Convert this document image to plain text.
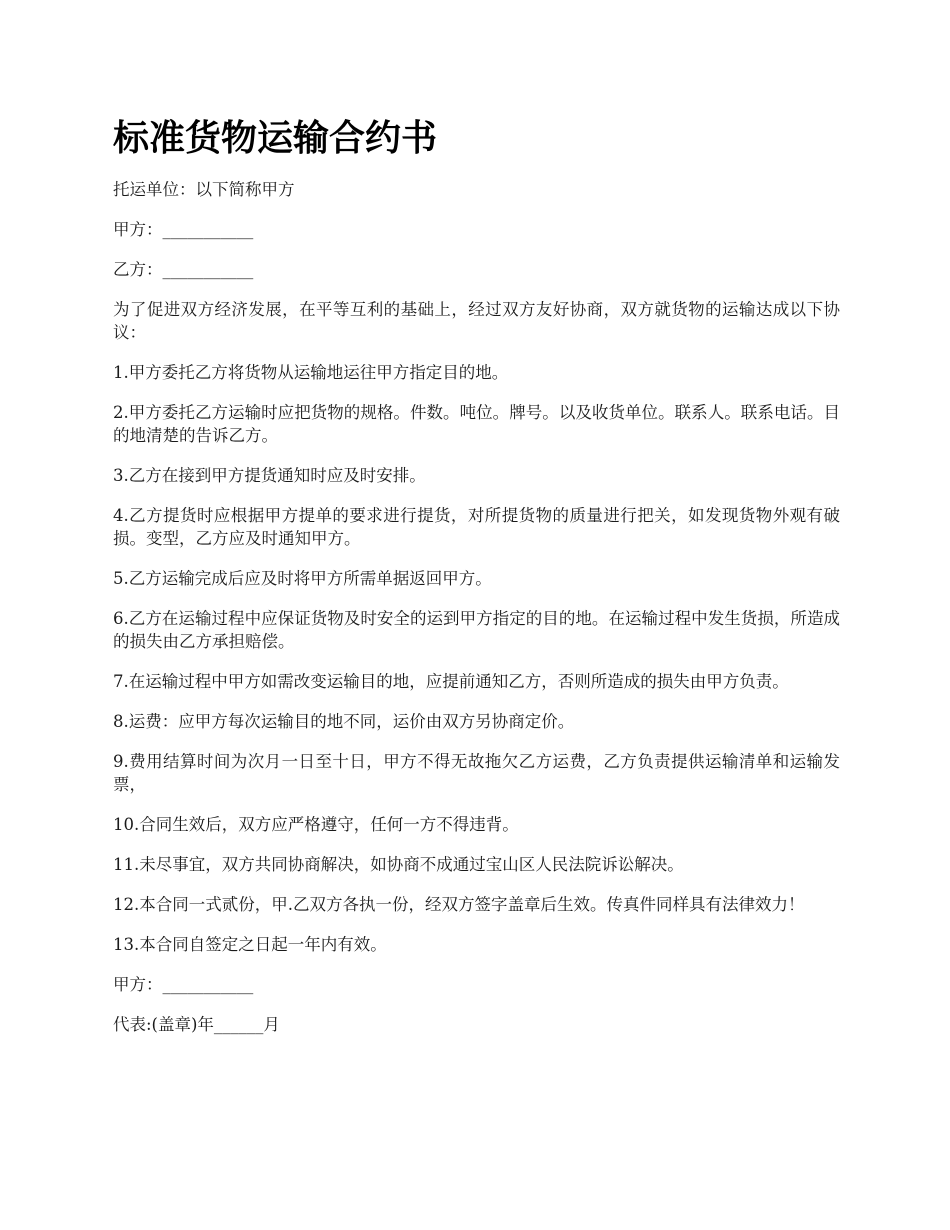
标准货物运输合约书

托运单位：以下简称甲方

甲方：___________

乙方：___________

为了促进双方经济发展，在平等互利的基础上，经过双方友好协商，双方就货物的运输达成以下协议：

1.甲方委托乙方将货物从运输地运往甲方指定目的地。

2.甲方委托乙方运输时应把货物的规格。件数。吨位。牌号。以及收货单位。联系人。联系电话。目的地清楚的告诉乙方。

3.乙方在接到甲方提货通知时应及时安排。

4.乙方提货时应根据甲方提单的要求进行提货，对所提货物的质量进行把关，如发现货物外观有破损。变型，乙方应及时通知甲方。

5.乙方运输完成后应及时将甲方所需单据返回甲方。

6.乙方在运输过程中应保证货物及时安全的运到甲方指定的目的地。在运输过程中发生货损，所造成的损失由乙方承担赔偿。

7.在运输过程中甲方如需改变运输目的地，应提前通知乙方，否则所造成的损失由甲方负责。

8.运费：应甲方每次运输目的地不同，运价由双方另协商定价。

9.费用结算时间为次月一日至十日，甲方不得无故拖欠乙方运费，乙方负责提供运输清单和运输发票，

10.合同生效后，双方应严格遵守，任何一方不得违背。

11.未尽事宜，双方共同协商解决，如协商不成通过宝山区人民法院诉讼解决。

12.本合同一式贰份，甲.乙双方各执一份，经双方签字盖章后生效。传真件同样具有法律效力！

13.本合同自签定之日起一年内有效。

甲方：___________

代表:(盖章)年______月
